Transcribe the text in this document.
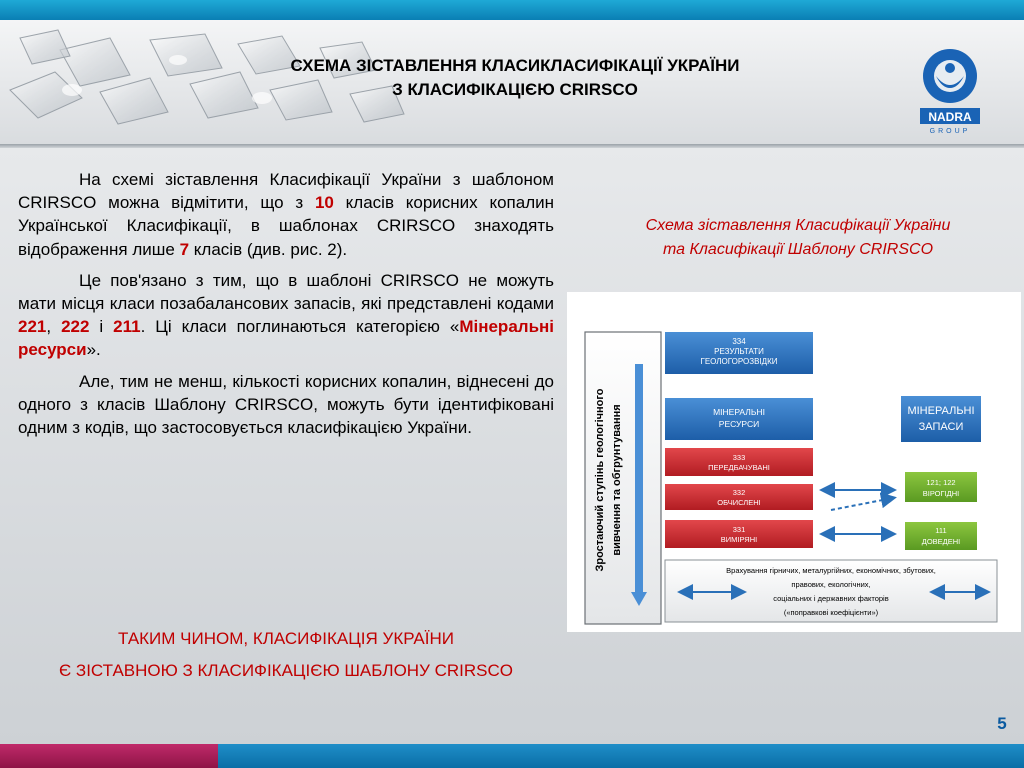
СХЕМА ЗІСТАВЛЕННЯ КЛАСИКЛАСИФІКАЦІЇ УКРАЇНИ
З КЛАСИФІКАЦІЄЮ CRIRSCO
NADRA
GROUP

На схемі зіставлення Класифікації України з шаблоном CRIRSCO можна відмітити, що з 10 класів корисних копалин Української Класифікації, в шаблонах CRIRSCO знаходять відображення лише 7 класів (див. рис. 2).

Це пов'язано з тим, що в шаблоні CRIRSCO не можуть мати місця класи позабалансових запасів, які представлені кодами 221, 222 і 211. Ці класи поглинаються категорією «Мінеральні ресурси».

Але, тим не менш, кількості корисних копалин, віднесені до одного з класів Шаблону CRIRSCO, можуть бути ідентифіковані одним з кодів, що застосовується класифікацією України.

ТАКИМ ЧИНОМ, КЛАСИФІКАЦІЯ УКРАЇНИ
Є ЗІСТАВНОЮ З КЛАСИФІКАЦІЄЮ ШАБЛОНУ CRIRSCO
Схема зіставлення Класифікації України
та Класифікації Шаблону CRIRSCO
Зростаючий ступінь геологічного вивчення та обгрунтування
334
РЕЗУЛЬТАТИ
ГЕОЛОГОРОЗВІДКИ
МІНЕРАЛЬНІ
РЕСУРСИ
МІНЕРАЛЬНІ
ЗАПАСИ
333
ПЕРЕДБАЧУВАНІ
332
ОБЧИСЛЕНІ
331
ВИМІРЯНІ
121; 122
ВІРОГІДНІ
111
ДОВЕДЕНІ
Врахування гірничих, металургійних, економічних, збутових,
правових, екологічних,
соціальних і державних факторів
(«поправкові коефіцієнти»)
5
